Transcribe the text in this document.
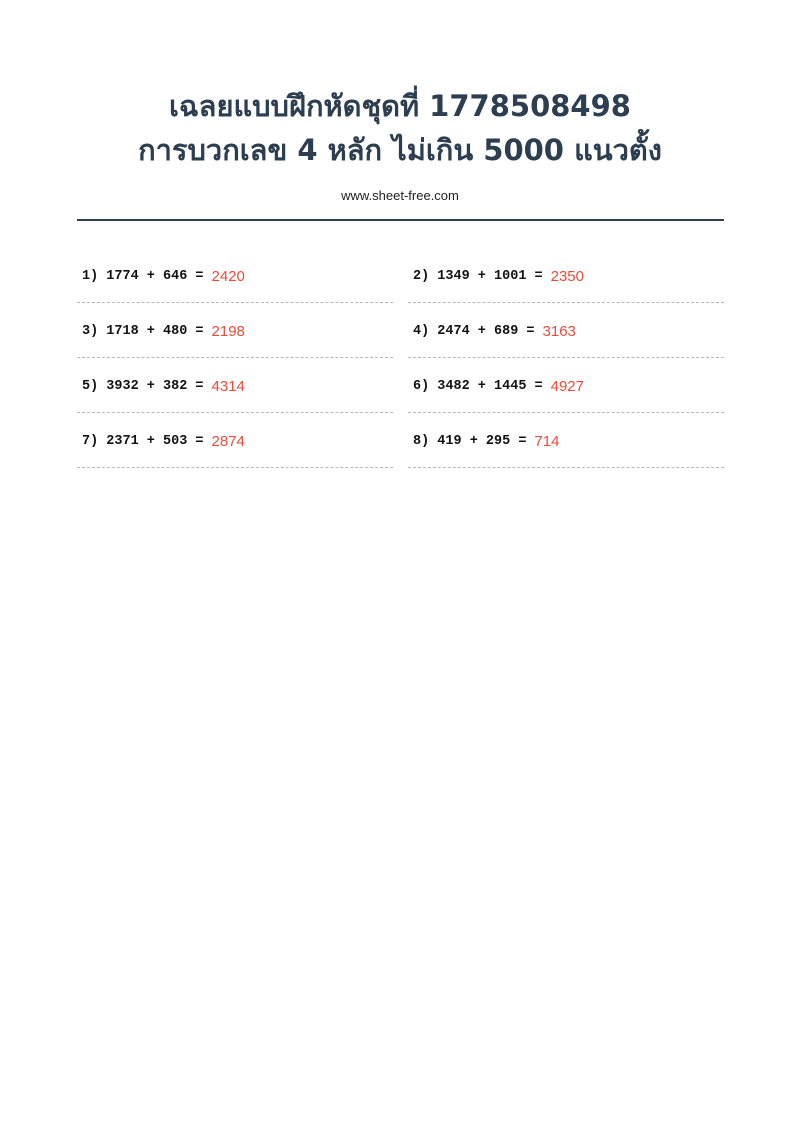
เฉลยแบบฝึกหัดชุดที่ 1778508498
การบวกเลข 4 หลัก ไม่เกิน 5000 แนวตั้ง
www.sheet-free.com
1) 1774 + 646 = 2420	2) 1349 + 1001 = 2350
3) 1718 + 480 = 2198	4) 2474 + 689 = 3163
5) 3932 + 382 = 4314	6) 3482 + 1445 = 4927
7) 2371 + 503 = 2874	8) 419 + 295 = 714
